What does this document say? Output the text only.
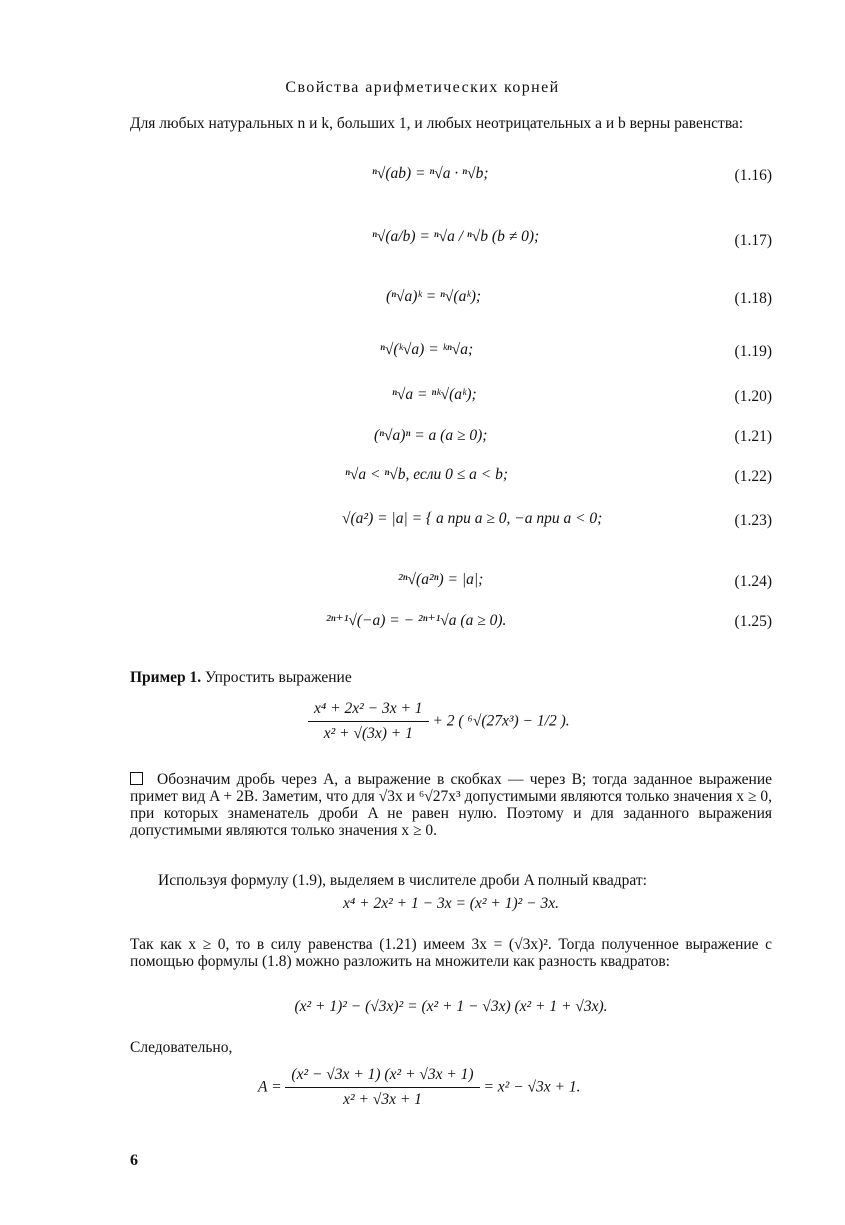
Свойства арифметических корней
Для любых натуральных n и k, больших 1, и любых неотрицательных a и b верны равенства:
ⁿ√(ab) = ⁿ√a · ⁿ√b;	(1.16)
ⁿ√(a/b) = ⁿ√a / ⁿ√b (b ≠ 0);	(1.17)
(ⁿ√a)ᵏ = ⁿ√(aᵏ);	(1.18)
ⁿ√(ᵏ√a) = ᵏⁿ√a;	(1.19)
ⁿ√a = ⁿᵏ√(aᵏ);	(1.20)
(ⁿ√a)ⁿ = a (a ≥ 0);	(1.21)
ⁿ√a < ⁿ√b, если 0 ≤ a < b;	(1.22)
√(a²) = |a| = { a при a ≥ 0, −a при a < 0;	(1.23)
²ⁿ√(a²ⁿ) = |a|;	(1.24)
²ⁿ⁺¹√(−a) = − ²ⁿ⁺¹√a (a ≥ 0).	(1.25)
Пример 1. Упростить выражение
$\frac{\text{x⁴ + 2x² − 3x + 1}}{\text{x² + √(3x) + 1}} + 2$ ( ⁶√(27x³) − 1/2 ).
Обозначим дробь через A, а выражение в скобках — через B; тогда заданное выражение примет вид A + 2B. Заметим, что для √3x и ⁶√27x³ допустимыми являются только значения x ≥ 0, при которых знаменатель дроби A не равен нулю. Поэтому и для заданного выражения допустимыми являются только значения x ≥ 0.
Используя формулу (1.9), выделяем в числителе дроби A полный квадрат:
x⁴ + 2x² + 1 − 3x = (x² + 1)² − 3x.
Так как x ≥ 0, то в силу равенства (1.21) имеем 3x = (√3x)². Тогда полученное выражение с помощью формулы (1.8) можно разложить на множители как разность квадратов:
(x² + 1)² − (√3x)² = (x² + 1 − √3x) (x² + 1 + √3x).
Следовательно,
$A = \frac{\text{(x² − √3x + 1) (x² + √3x + 1)}}{\text{x² + √3x + 1}} = x^2 - √3x + 1$.
6
